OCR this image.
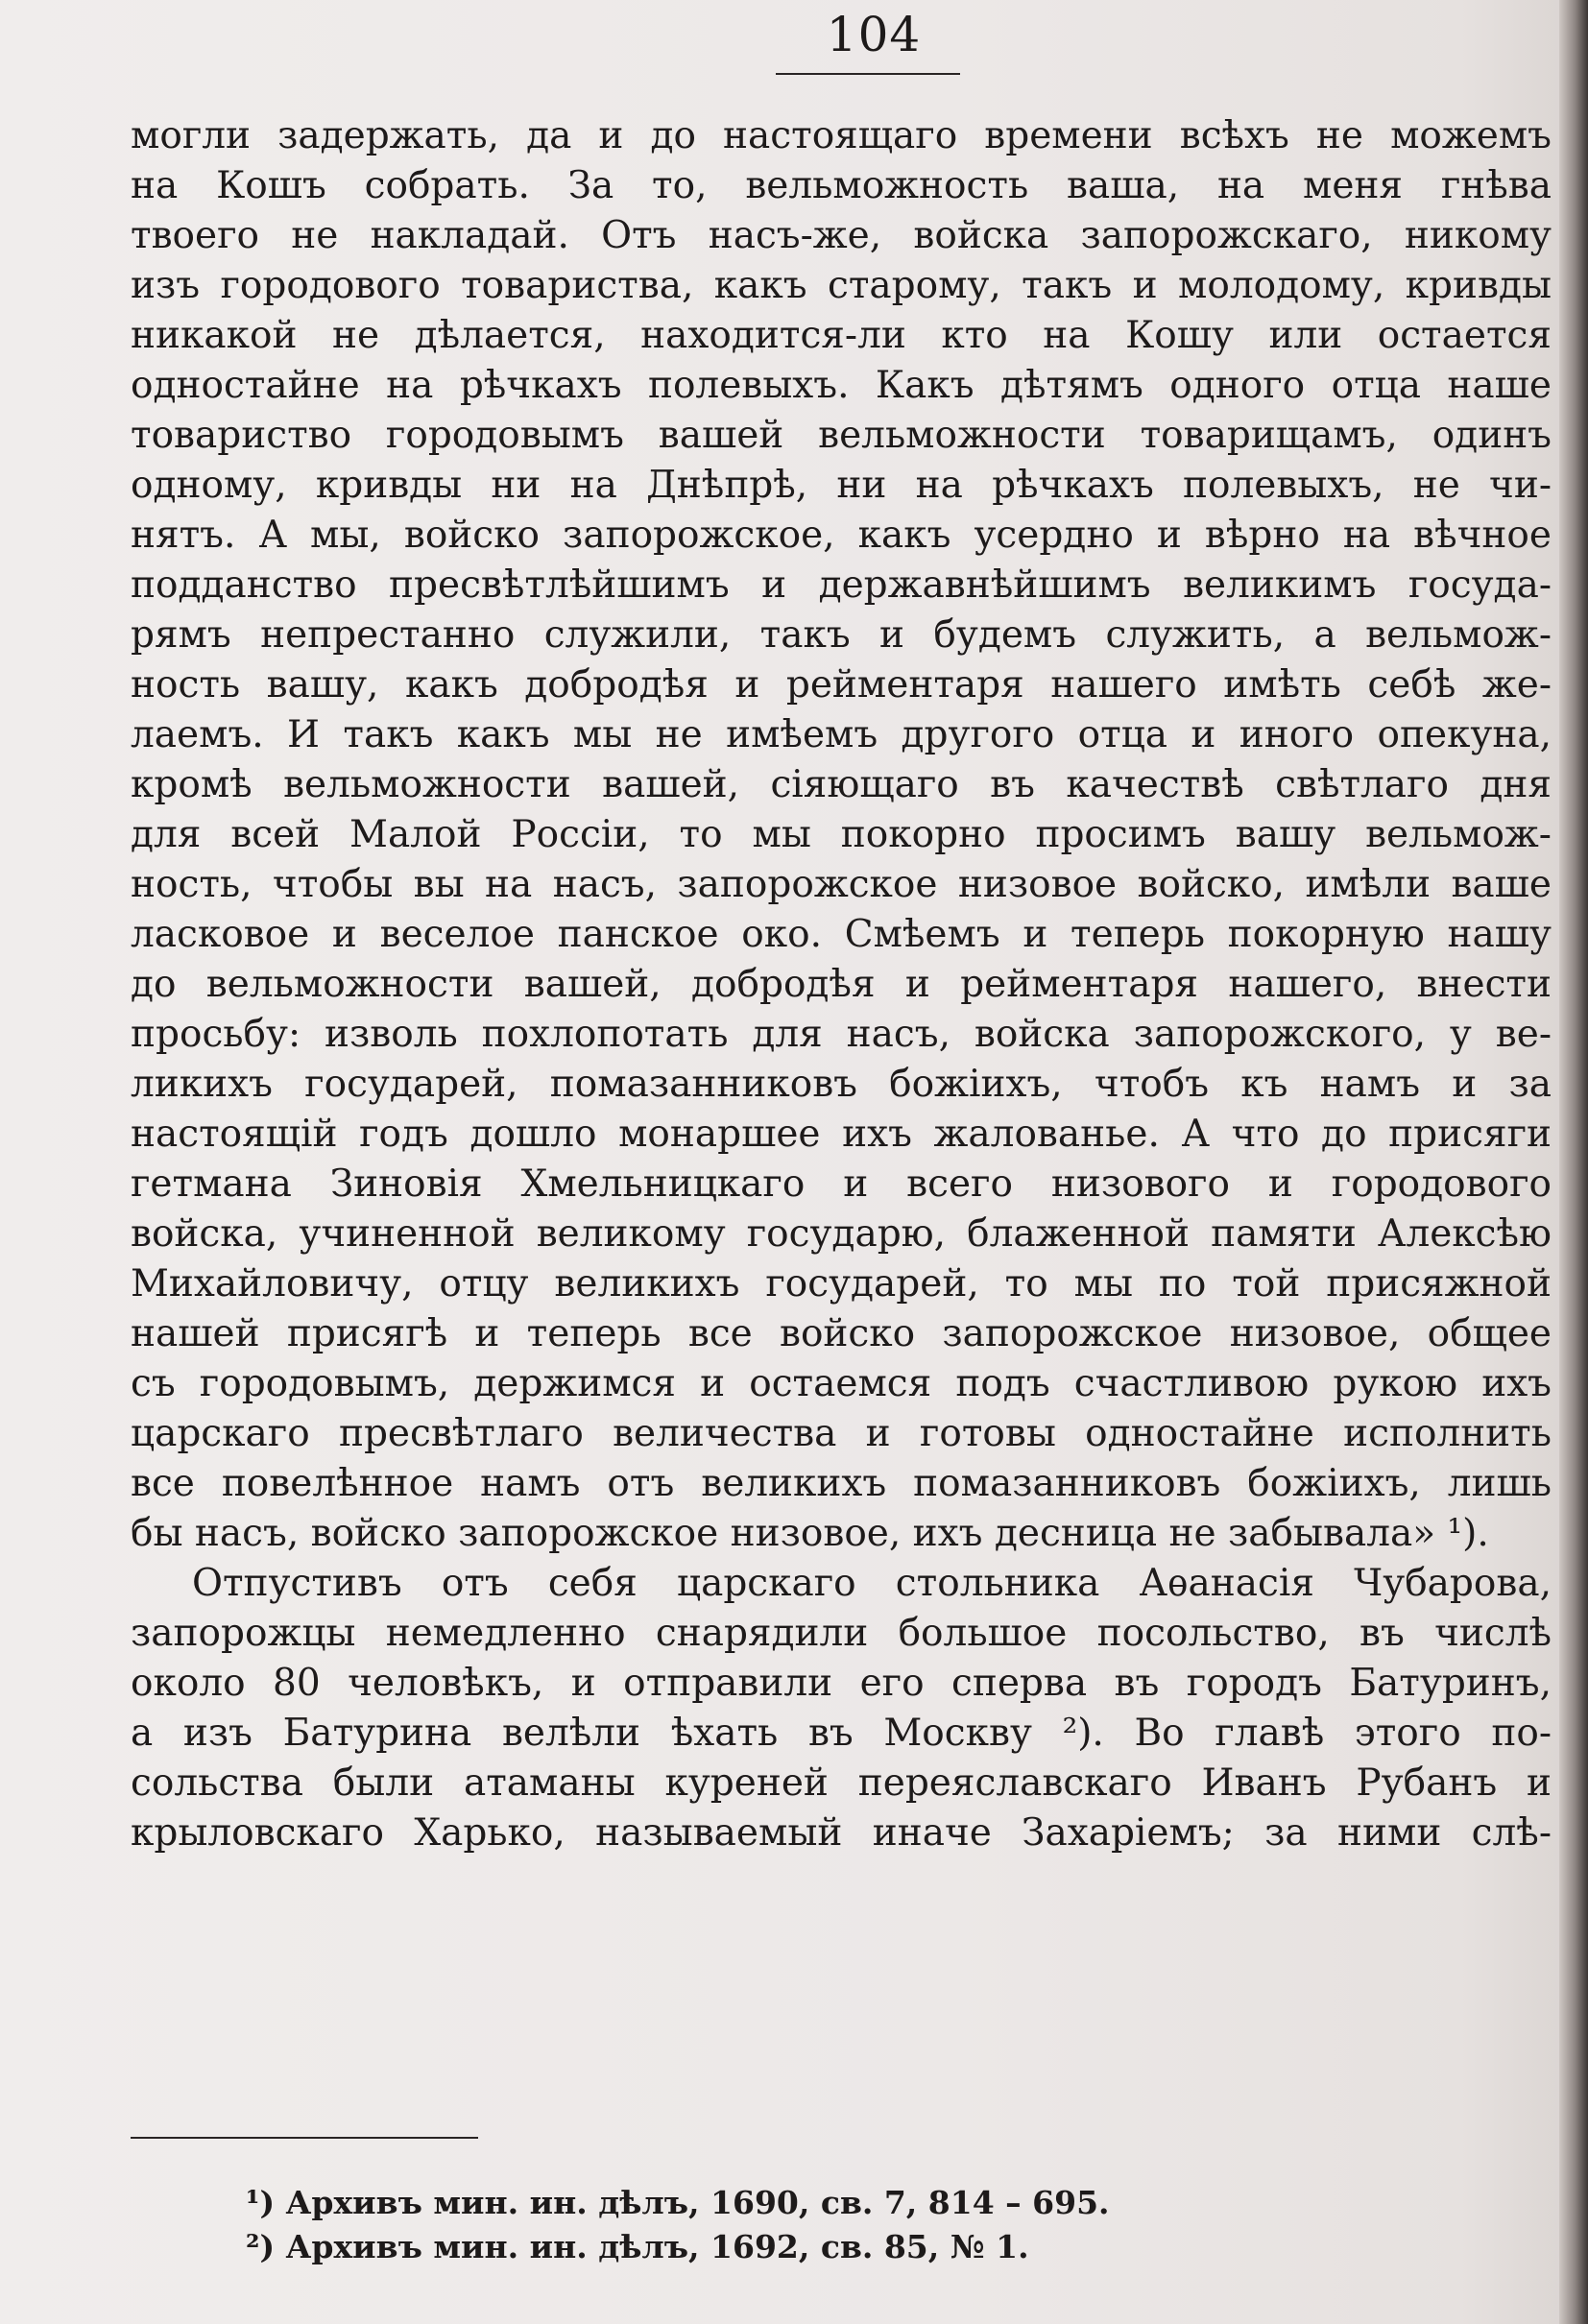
104
могли задержать, да и до настоящаго времени всѣхъ не можемъ
на Кошъ собрать. За то, вельможность ваша, на меня гнѣва
твоего не накладай. Отъ насъ-же, войска запорожскаго, никому
изъ городового товариства, какъ старому, такъ и молодому, кривды
никакой не дѣлается, находится-ли кто на Кошу или остается
одностайне на рѣчкахъ полевыхъ. Какъ дѣтямъ одного отца наше
товариство городовымъ вашей вельможности товарищамъ, одинъ
одному, кривды ни на Днѣпрѣ, ни на рѣчкахъ полевыхъ, не чи-
нятъ. А мы, войско запорожское, какъ усердно и вѣрно на вѣчное
подданство пресвѣтлѣйшимъ и державнѣйшимъ великимъ госуда-
рямъ непрестанно служили, такъ и будемъ служить, а вельмож-
ность вашу, какъ добродѣя и рейментаря нашего имѣть себѣ же-
лаемъ. И такъ какъ мы не имѣемъ другого отца и иного опекуна,
кромѣ вельможности вашей, сіяющаго въ качествѣ свѣтлаго дня
для всей Малой Россіи, то мы покорно просимъ вашу вельмож-
ность, чтобы вы на насъ, запорожское низовое войско, имѣли ваше
ласковое и веселое панское око. Смѣемъ и теперь покорную нашу
до вельможности вашей, добродѣя и рейментаря нашего, внести
просьбу: изволь похлопотать для насъ, войска запорожского, у ве-
ликихъ государей, помазанниковъ божіихъ, чтобъ къ намъ и за
настоящій годъ дошло монаршее ихъ жалованье. А что до присяги
гетмана Зиновія Хмельницкаго и всего низового и городового
войска, учиненной великому государю, блаженной памяти Алексѣю
Михайловичу, отцу великихъ государей, то мы по той присяжной
нашей присягѣ и теперь все войско запорожское низовое, общее
съ городовымъ, держимся и остаемся подъ счастливою рукою ихъ
царскаго пресвѣтлаго величества и готовы одностайне исполнить
все повелѣнное намъ отъ великихъ помазанниковъ божіихъ, лишь
бы насъ, войско запорожское низовое, ихъ десница не забывала» ¹).
Отпустивъ отъ себя царскаго стольника Аѳанасія Чубарова,
запорожцы немедленно снарядили большое посольство, въ числѣ
около 80 человѣкъ, и отправили его сперва въ городъ Батуринъ,
а изъ Батурина велѣли ѣхать въ Москву ²). Во главѣ этого по-
сольства были атаманы куреней переяславскаго Иванъ Рубанъ и
крыловскаго Харько, называемый иначе Захаріемъ; за ними слѣ-
¹) Архивъ мин. ин. дѣлъ, 1690, св. 7, 814 – 695.
²) Архивъ мин. ин. дѣлъ, 1692, св. 85, № 1.
